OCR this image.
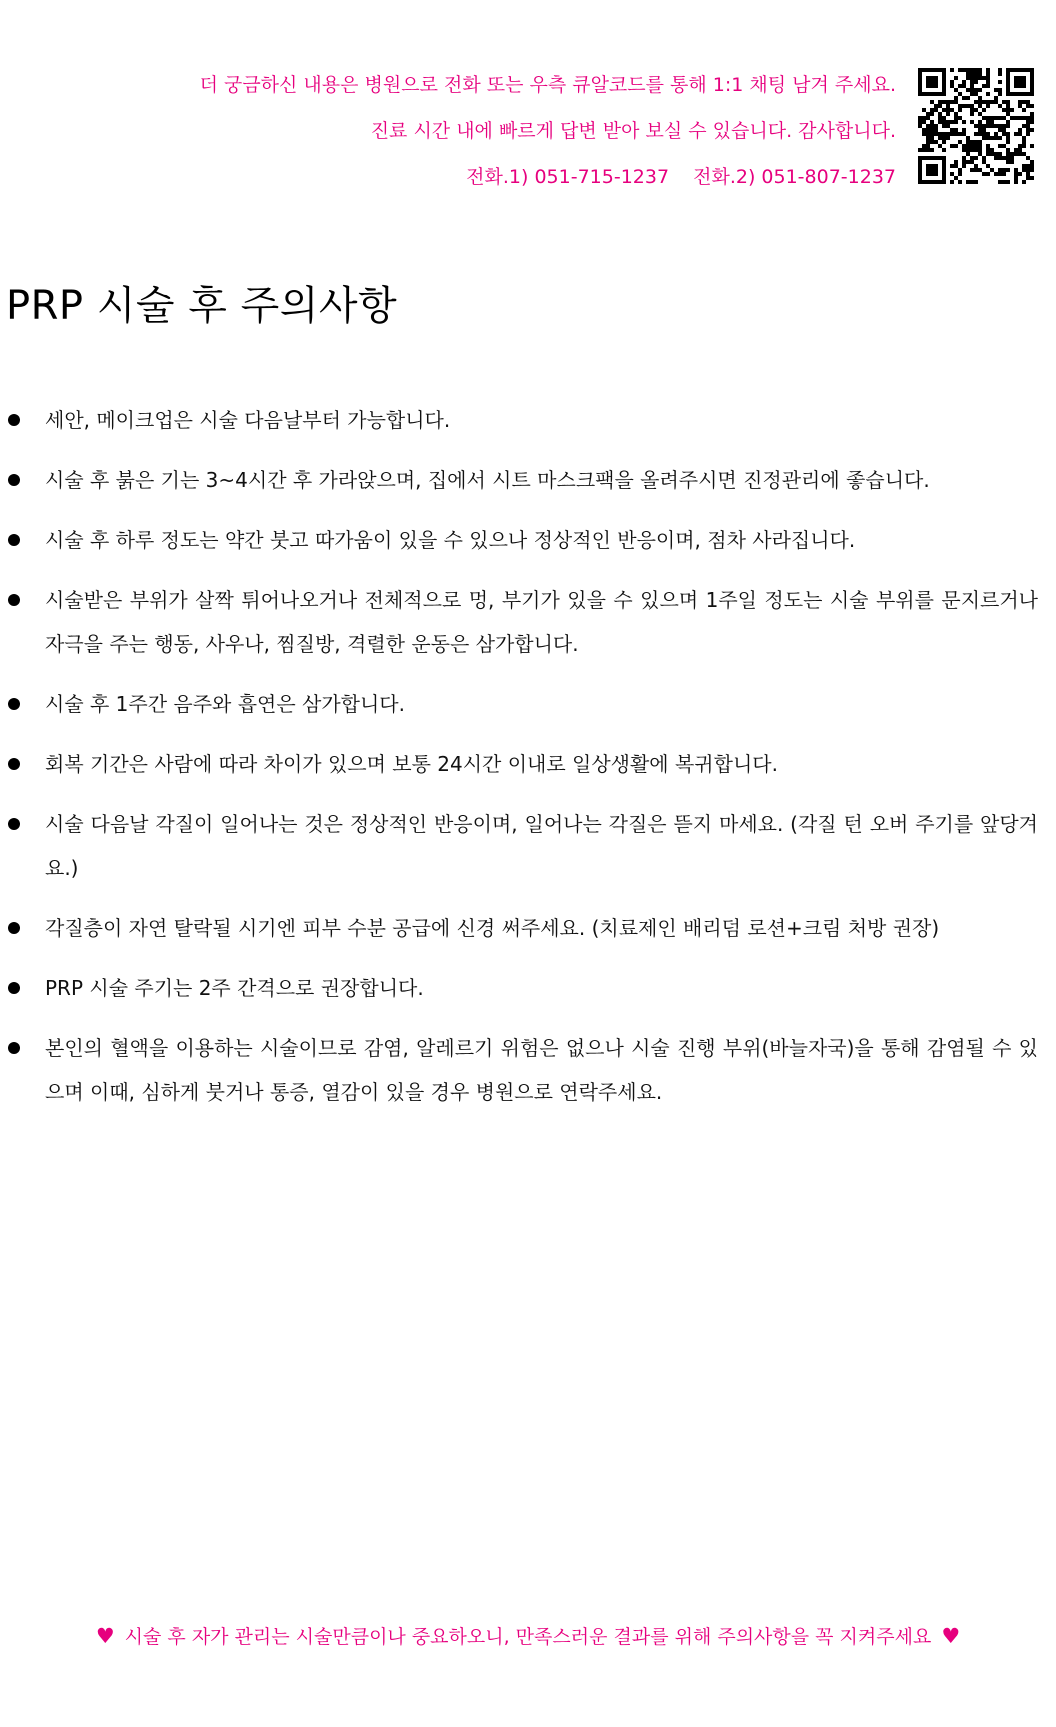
더 궁금하신 내용은 병원으로 전화 또는 우측 큐알코드를 통해 1:1 채팅 남겨 주세요.
진료 시간 내에 빠르게 답변 받아 보실 수 있습니다. 감사합니다.
전화.1) 051-715-1237 전화.2) 051-807-1237
PRP 시술 후 주의사항
세안, 메이크업은 시술 다음날부터 가능합니다.
시술 후 붉은 기는 3~4시간 후 가라앉으며, 집에서 시트 마스크팩을 올려주시면 진정관리에 좋습니다.
시술 후 하루 정도는 약간 붓고 따가움이 있을 수 있으나 정상적인 반응이며, 점차 사라집니다.
시술받은 부위가 살짝 튀어나오거나 전체적으로 멍, 부기가 있을 수 있으며 1주일 정도는 시술 부위를 문지르거나 자극을 주는 행동, 사우나, 찜질방, 격렬한 운동은 삼가합니다.
시술 후 1주간 음주와 흡연은 삼가합니다.
회복 기간은 사람에 따라 차이가 있으며 보통 24시간 이내로 일상생활에 복귀합니다.
시술 다음날 각질이 일어나는 것은 정상적인 반응이며, 일어나는 각질은 뜯지 마세요. (각질 턴 오버 주기를 앞당겨요.)
각질층이 자연 탈락될 시기엔 피부 수분 공급에 신경 써주세요. (치료제인 배리덤 로션+크림 처방 권장)
PRP 시술 주기는 2주 간격으로 권장합니다.
본인의 혈액을 이용하는 시술이므로 감염, 알레르기 위험은 없으나 시술 진행 부위(바늘자국)을 통해 감염될 수 있으며 이때, 심하게 붓거나 통증, 열감이 있을 경우 병원으로 연락주세요.
♥ 시술 후 자가 관리는 시술만큼이나 중요하오니, 만족스러운 결과를 위해 주의사항을 꼭 지켜주세요 ♥
